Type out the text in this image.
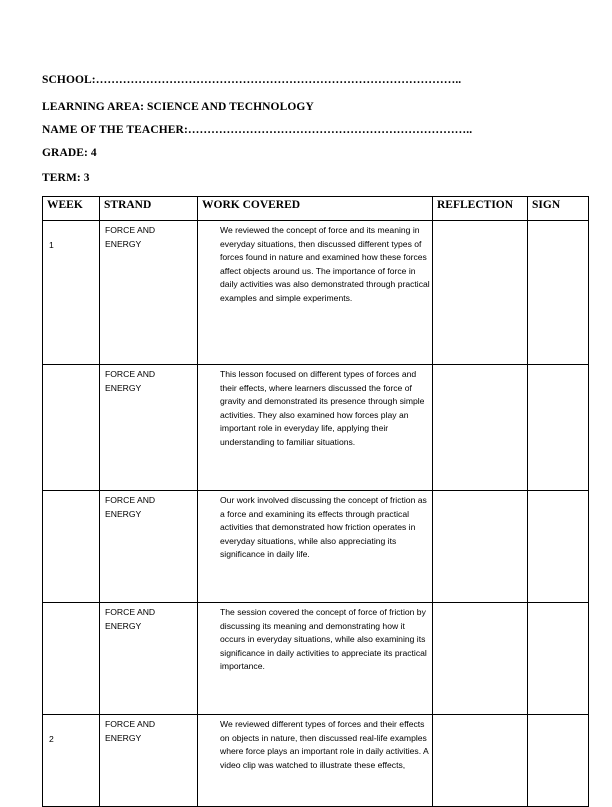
SCHOOL:…………………………………………………………………………………..
LEARNING AREA: SCIENCE AND TECHNOLOGY
NAME OF THE TEACHER:………………………………………………………………..
GRADE: 4
TERM: 3
WEEK	STRAND	WORK COVERED	REFLECTION	SIGN
1	FORCE AND ENERGY	We reviewed the concept of force and its meaning in everyday situations, then discussed different types of forces found in nature and examined how these forces affect objects around us. The importance of force in daily activities was also demonstrated through practical examples and simple experiments.		

	FORCE AND ENERGY	This lesson focused on different types of forces and their effects, where learners discussed the force of gravity and demonstrated its presence through simple activities. They also examined how forces play an important role in everyday life, applying their understanding to familiar situations.		

	FORCE AND ENERGY	Our work involved discussing the concept of friction as a force and examining its effects through practical activities that demonstrated how friction operates in everyday situations, while also appreciating its significance in daily life.		

	FORCE AND ENERGY	The session covered the concept of force of friction by discussing its meaning and demonstrating how it occurs in everyday situations, while also examining its significance in daily activities to appreciate its practical importance.		

2	FORCE AND ENERGY	We reviewed different types of forces and their effects on objects in nature, then discussed real-life examples where force plays an important role in daily activities. A video clip was watched to illustrate these effects,		
